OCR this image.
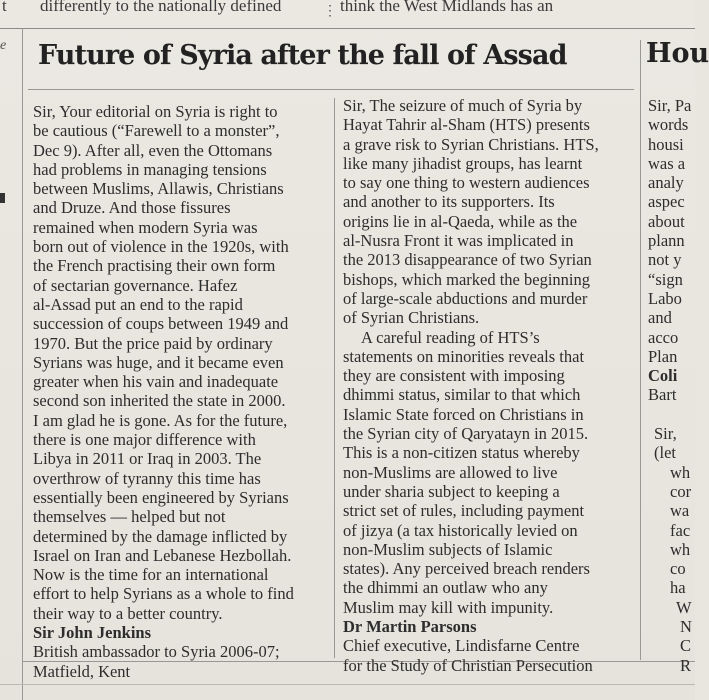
t differently to the nationally defined	⋮ think the West Midlands has an
e Future of Syria after the fall of Assad
Sir, Your editorial on Syria is right to
be cautious (“Farewell to a monster”,
Dec 9). After all, even the Ottomans
had problems in managing tensions
between Muslims, Allawis, Christians
and Druze. And those fissures
remained when modern Syria was
born out of violence in the 1920s, with
the French practising their own form
of sectarian governance. Hafez
al-Assad put an end to the rapid
succession of coups between 1949 and
1970. But the price paid by ordinary
Syrians was huge, and it became even
greater when his vain and inadequate
second son inherited the state in 2000.
I am glad he is gone. As for the future,
there is one major difference with
Libya in 2011 or Iraq in 2003. The
overthrow of tyranny this time has
essentially been engineered by Syrians
themselves — helped but not
determined by the damage inflicted by
Israel on Iran and Lebanese Hezbollah.
Now is the time for an international
effort to help Syrians as a whole to find
their way to a better country.
Sir John Jenkins
British ambassador to Syria 2006-07;
Matfield, Kent
Sir, The seizure of much of Syria by
Hayat Tahrir al-Sham (HTS) presents
a grave risk to Syrian Christians. HTS,
like many jihadist groups, has learnt
to say one thing to western audiences
and another to its supporters. Its
origins lie in al-Qaeda, while as the
al-Nusra Front it was implicated in
the 2013 disappearance of two Syrian
bishops, which marked the beginning
of large-scale abductions and murder
of Syrian Christians.
A careful reading of HTS’s
statements on minorities reveals that
they are consistent with imposing
dhimmi status, similar to that which
Islamic State forced on Christians in
the Syrian city of Qaryatayn in 2015.
This is a non-citizen status whereby
non-Muslims are allowed to live
under sharia subject to keeping a
strict set of rules, including payment
of jizya (a tax historically levied on
non-Muslim subjects of Islamic
states). Any perceived breach renders
the dhimmi an outlaw who any
Muslim may kill with impunity.
Dr Martin Parsons
Chief executive, Lindisfarne Centre
for the Study of Christian Persecution
Hou
Sir, Pa
words
housi
was a
analy
aspec
about
plann
not y
“sign
Labo
and
acco
Plan
Coli
Bart

Sir,
(let
wh
cor
wa
fac
wh
co
ha
W
N
C
R
